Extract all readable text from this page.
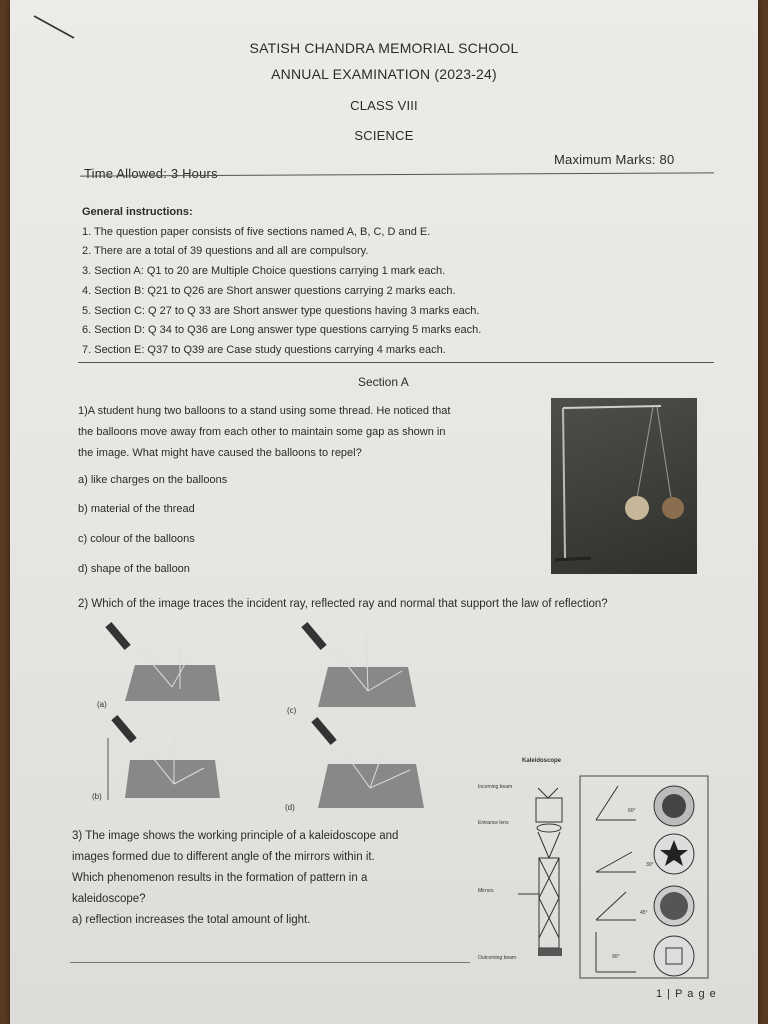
SATISH CHANDRA MEMORIAL SCHOOL
ANNUAL EXAMINATION (2023-24)
CLASS VIII
SCIENCE
Time Allowed: 3 Hours
Maximum Marks: 80
General instructions:
1. The question paper consists of five sections named A, B, C, D and E.
2. There are a total of 39 questions and all are compulsory.
3. Section A: Q1 to 20 are Multiple Choice questions carrying 1 mark each.
4. Section B: Q21 to Q26 are Short answer questions carrying 2 marks each.
5. Section C: Q 27 to Q 33 are Short answer type questions having 3 marks each.
6. Section D: Q 34 to Q36 are Long answer type questions carrying 5 marks each.
7. Section E: Q37 to Q39 are Case study questions carrying 4 marks each.
Section A
1)A student hung two balloons to a stand using some thread. He noticed that
the balloons move away from each other to maintain some gap as shown in
the image. What might have caused the balloons to repel?
a) like charges on the balloons
b) material of the thread
c) colour of the balloons
d) shape of the balloon
2) Which of the image traces the incident ray, reflected ray and normal that support the law of reflection?
(a)
(c)
(b)
(d)
3) The image shows the working principle of a kaleidoscope and
images formed due to different angle of the mirrors within it.
Which phenomenon results in the formation of pattern in a
kaleidoscope?
a) reflection increases the total amount of light.
Kaleidoscope
Incoming beam
Entrance lens
Mirrors
Outcoming beam
60°
30°
45°
90°
1 | P a g e
